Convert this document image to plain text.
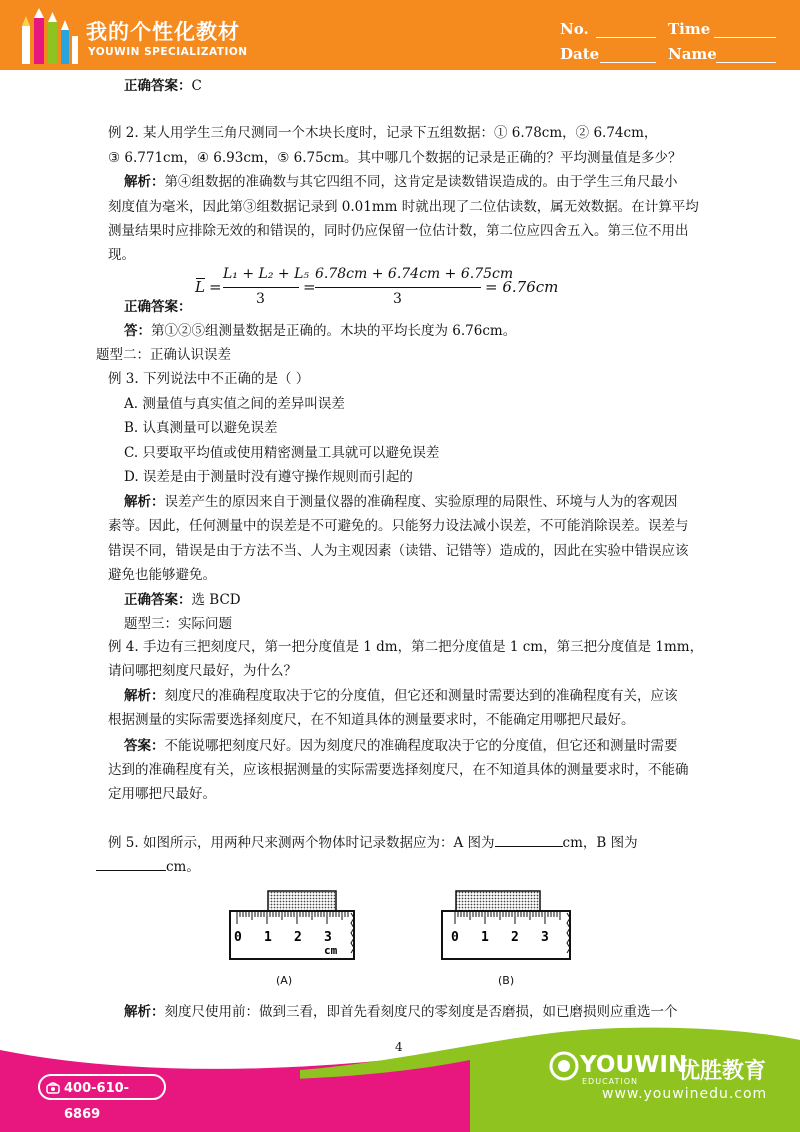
我的个性化教材
YOUWIN SPECIALIZATION
No.	Time
Date	Name
正确答案：C
例 2. 某人用学生三角尺测同一个木块长度时，记录下五组数据：① 6.78cm，② 6.74cm，
③ 6.771cm，④ 6.93cm，⑤ 6.75cm。其中哪几个数据的记录是正确的？平均测量值是多少？
解析：第④组数据的准确数与其它四组不同，这肯定是读数错误造成的。由于学生三角尺最小
刻度值为毫米，因此第③组数据记录到 0.01mm 时就出现了二位估读数，属无效数据。在计算平均
测量结果时应排除无效的和错误的，同时仍应保留一位估计数，第二位应四舍五入。第三位不用出
现。
L =
L₁ + L₂ + L₅
3
=
6.78cm + 6.74cm + 6.75cm
3
= 6.76cm
正确答案：
答：第①②⑤组测量数据是正确的。木块的平均长度为 6.76cm。
题型二：正确认识误差
例 3. 下列说法中不正确的是（ ）
A. 测量值与真实值之间的差异叫误差
B. 认真测量可以避免误差
C. 只要取平均值或使用精密测量工具就可以避免误差
D. 误差是由于测量时没有遵守操作规则而引起的
解析：误差产生的原因来自于测量仪器的准确程度、实验原理的局限性、环境与人为的客观因
素等。因此，任何测量中的误差是不可避免的。只能努力设法减小误差，不可能消除误差。误差与
错误不同，错误是由于方法不当、人为主观因素（读错、记错等）造成的，因此在实验中错误应该
避免也能够避免。
正确答案：选 BCD
题型三：实际问题
例 4. 手边有三把刻度尺，第一把分度值是 1 dm，第二把分度值是 1 cm，第三把分度值是 1mm，
请问哪把刻度尺最好，为什么？
解析：刻度尺的准确程度取决于它的分度值，但它还和测量时需要达到的准确程度有关，应该
根据测量的实际需要选择刻度尺，在不知道具体的测量要求时，不能确定用哪把尺最好。
答案：不能说哪把刻度尺好。因为刻度尺的准确程度取决于它的分度值，但它还和测量时需要
达到的准确程度有关，应该根据测量的实际需要选择刻度尺，在不知道具体的测量要求时，不能确
定用哪把尺最好。
例 5. 如图所示，用两种尺来测两个物体时记录数据应为：A 图为	cm，B 图为
cm。
0 1 2 3
cm
(A)
0 1 2 3
(B)
解析：刻度尺使用前：做到三看，即首先看刻度尺的零刻度是否磨损，如已磨损则应重选一个
4
400-610-6869
YOUWIN
EDUCATION 优胜教育
www.youwinedu.com
